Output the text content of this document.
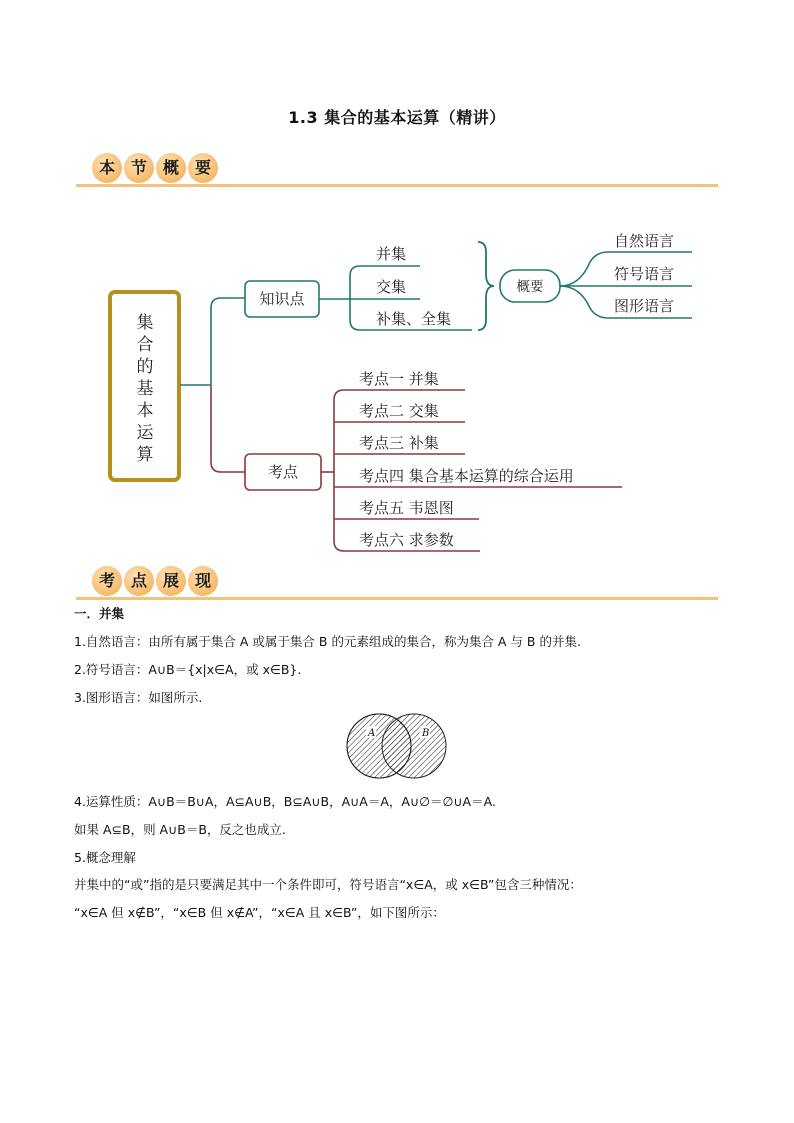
1.3 集合的基本运算（精讲）
本 节 概 要
集
合
的
基
本
运
算
知识点
并集
交集
补集、全集
概要
自然语言
符号语言
图形语言
考点
考点一 并集
考点二 交集
考点三 补集
考点四 集合基本运算的综合运用
考点五 韦恩图
考点六 求参数
考 点 展 现
一．并集
1.自然语言：由所有属于集合 A 或属于集合 B 的元素组成的集合，称为集合 A 与 B 的并集.
2.符号语言：A∪B＝{x|x∈A，或 x∈B}.
3.图形语言：如图所示.
A	B
4.运算性质：A∪B＝B∪A，A⊆A∪B，B⊆A∪B，A∪A＝A，A∪∅＝∅∪A＝A.
如果 A⊆B，则 A∪B＝B，反之也成立.
5.概念理解
并集中的“或”指的是只要满足其中一个条件即可，符号语言“x∈A，或 x∈B”包含三种情况：
“x∈A 但 x∉B”，“x∈B 但 x∉A”，“x∈A 且 x∈B”，如下图所示：
